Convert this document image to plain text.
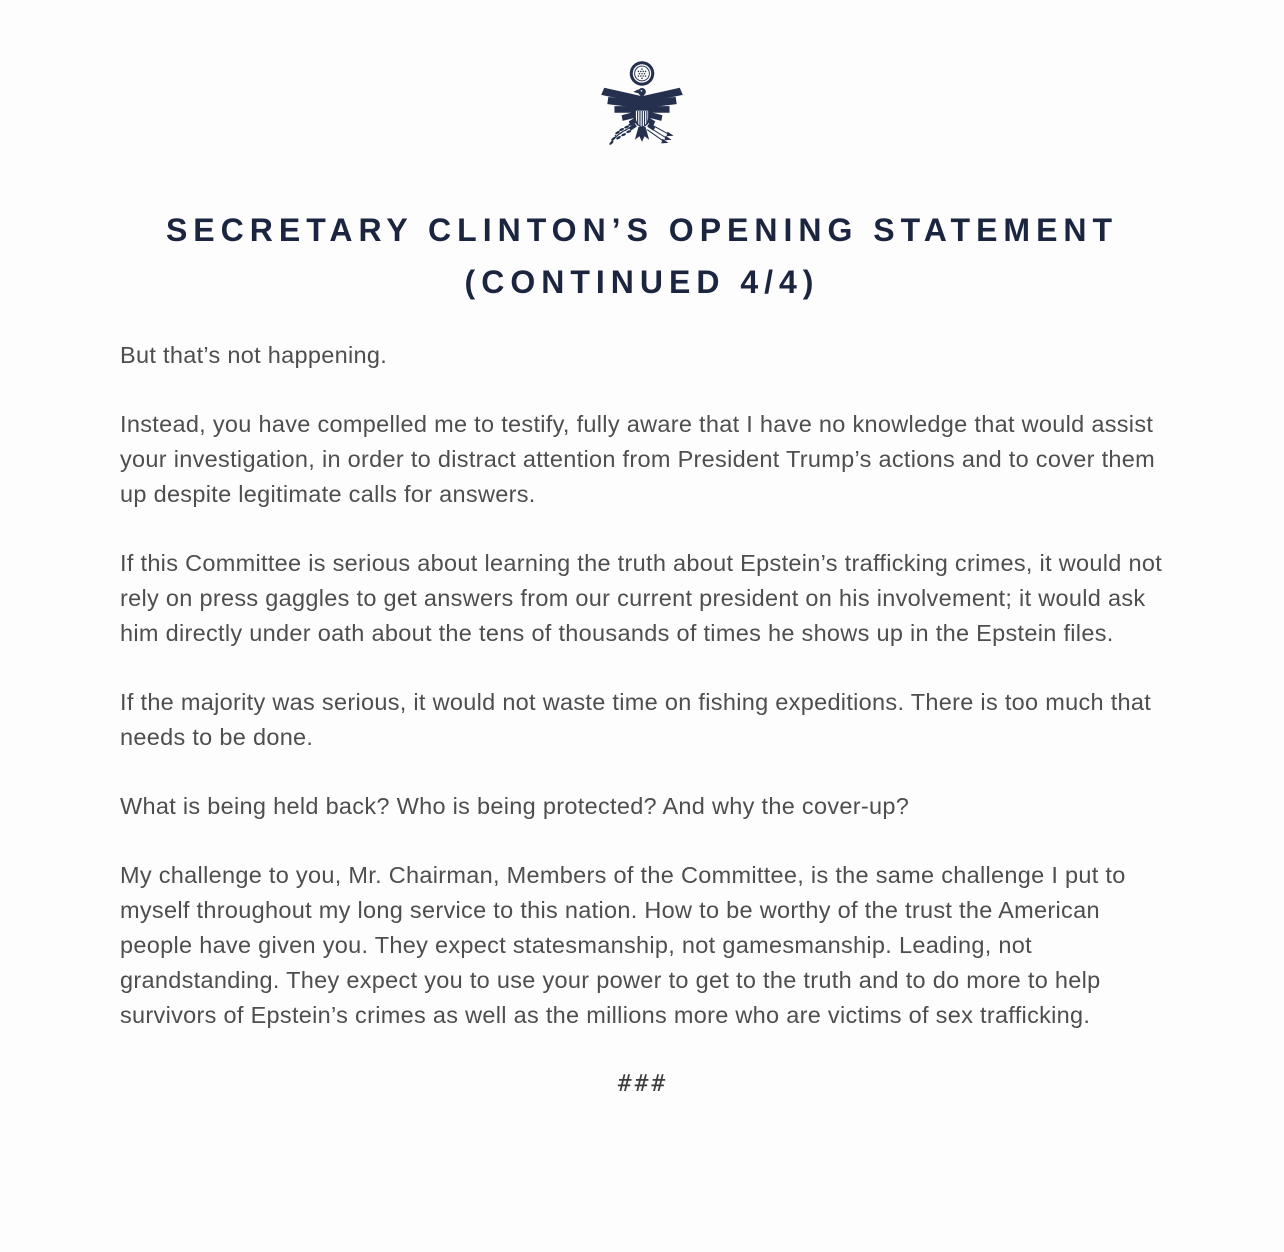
SECRETARY CLINTON’S OPENING STATEMENT
(CONTINUED 4/4)

But that’s not happening.

Instead, you have compelled me to testify, fully aware that I have no knowledge that would assist your investigation, in order to distract attention from President Trump’s actions and to cover them up despite legitimate calls for answers.

If this Committee is serious about learning the truth about Epstein’s trafficking crimes, it would not rely on press gaggles to get answers from our current president on his involvement; it would ask him directly under oath about the tens of thousands of times he shows up in the Epstein files.

If the majority was serious, it would not waste time on fishing expeditions. There is too much that needs to be done.

What is being held back? Who is being protected? And why the cover-up?

My challenge to you, Mr. Chairman, Members of the Committee, is the same challenge I put to myself throughout my long service to this nation. How to be worthy of the trust the American people have given you. They expect statesmanship, not gamesmanship. Leading, not grandstanding. They expect you to use your power to get to the truth and to do more to help survivors of Epstein’s crimes as well as the millions more who are victims of sex trafficking.

###
